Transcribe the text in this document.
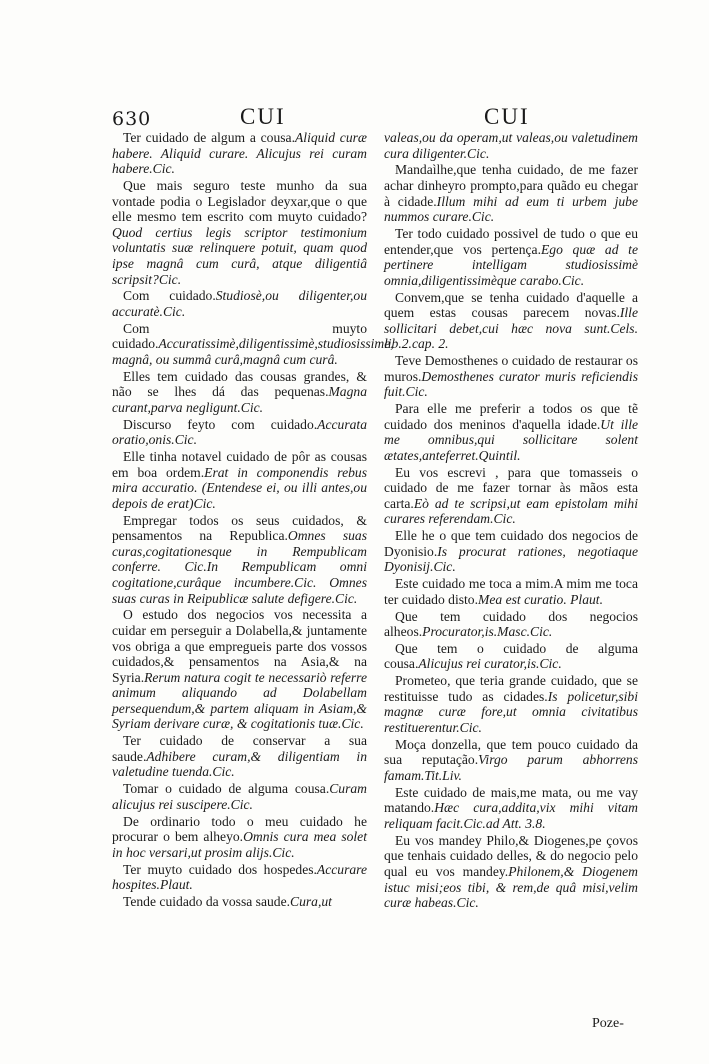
630	CUI	CUI

Ter cuidado de algum a cousa.Aliquid curæ habere. Aliquid curare. Alicujus rei curam habere.Cic.

Que mais seguro teste munho da sua vontade podia o Legislador deyxar,que o que elle mesmo tem escrito com muyto cuidado?Quod certius legis scriptor testimonium voluntatis suæ relinquere potuit, quam quod ipse magnâ cum curâ, atque diligentiâ scripsit?Cic.

Com cuidado.Studiosè,ou diligenter,ou accuratè.Cic.

Com muyto cuidado.Accuratissimè,diligentissimè,studiosissime, magnâ, ou summâ curâ,magnâ cum curâ.

Elles tem cuidado das cousas grandes, & não se lhes dá das pequenas.Magna curant,parva negligunt.Cic.

Discurso feyto com cuidado.Accurata oratio,onis.Cic.

Elle tinha notavel cuidado de pôr as cousas em boa ordem.Erat in componendis rebus mira accuratio. (Entendese ei, ou illi antes,ou depois de erat)Cic.

Empregar todos os seus cuidados, & pensamentos na Republica.Omnes suas curas,cogitationesque in Rempublicam conferre. Cic.In Rempublicam omni cogitatione,curâque incumbere.Cic. Omnes suas curas in Reipublicæ salute defigere.Cic.

O estudo dos negocios vos necessita a cuidar em perseguir a Dolabella,& juntamente vos obriga a que empregueis parte dos vossos cuidados,& pensamentos na Asia,& na Syria.Rerum natura cogit te necessariò referre animum aliquando ad Dolabellam persequendum,& partem aliquam in Asiam,& Syriam derivare curæ, & cogitationis tuæ.Cic.

Ter cuidado de conservar a sua saude.Adhibere curam,& diligentiam in valetudine tuenda.Cic.

Tomar o cuidado de alguma cousa.Curam alicujus rei suscipere.Cic.

De ordinario todo o meu cuidado he procurar o bem alheyo.Omnis cura mea solet in hoc versari,ut prosim alijs.Cic.

Ter muyto cuidado dos hospedes.Accurare hospites.Plaut.

Tende cuidado da vossa saude.Cura,ut

valeas,ou da operam,ut valeas,ou valetudinem cura diligenter.Cic.

Mandaìlhe,que tenha cuidado, de me fazer achar dinheyro prompto,para quãdo eu chegar à cidade.Illum mihi ad eum ti urbem jube nummos curare.Cic.

Ter todo cuidado possivel de tudo o que eu entender,que vos pertença.Ego quæ ad te pertinere intelligam studiosissimè omnia,diligentissimèque carabo.Cic.

Convem,que se tenha cuidado d'aquelle a quem estas cousas parecem novas.Ille sollicitari debet,cui hæc nova sunt.Cels. lib.2.cap. 2.

Teve Demosthenes o cuidado de restaurar os muros.Demosthenes curator muris reficiendis fuit.Cic.

Para elle me preferir a todos os que tẽ cuidado dos meninos d'aquella idade.Ut ille me omnibus,qui sollicitare solent ætates,anteferret.Quintil.

Eu vos escrevi , para que tomasseis o cuidado de me fazer tornar às mãos esta carta.Eò ad te scripsi,ut eam epistolam mihi curares referendam.Cic.

Elle he o que tem cuidado dos negocios de Dyonisio.Is procurat rationes, negotiaque Dyonisij.Cic.

Este cuidado me toca a mim.A mim me toca ter cuidado disto.Mea est curatio. Plaut.

Que tem cuidado dos negocios alheos.Procurator,is.Masc.Cic.

Que tem o cuidado de alguma cousa.Alicujus rei curator,is.Cic.

Prometeo, que teria grande cuidado, que se restituisse tudo as cidades.Is policetur,sibi magnæ curæ fore,ut omnia civitatibus restituerentur.Cic.

Moça donzella, que tem pouco cuidado da sua reputação.Virgo parum abhorrens famam.Tit.Liv.

Este cuidado de mais,me mata, ou me vay matando.Hæc cura,addita,vix mihi vitam reliquam facit.Cic.ad Att. 3.8.

Eu vos mandey Philo,& Diogenes,pe çovos que tenhais cuidado delles, & do negocio pelo qual eu vos mandey.Philonem,& Diogenem istuc misi;eos tibi, & rem,de quâ misi,velim curæ habeas.Cic.

Poze-
